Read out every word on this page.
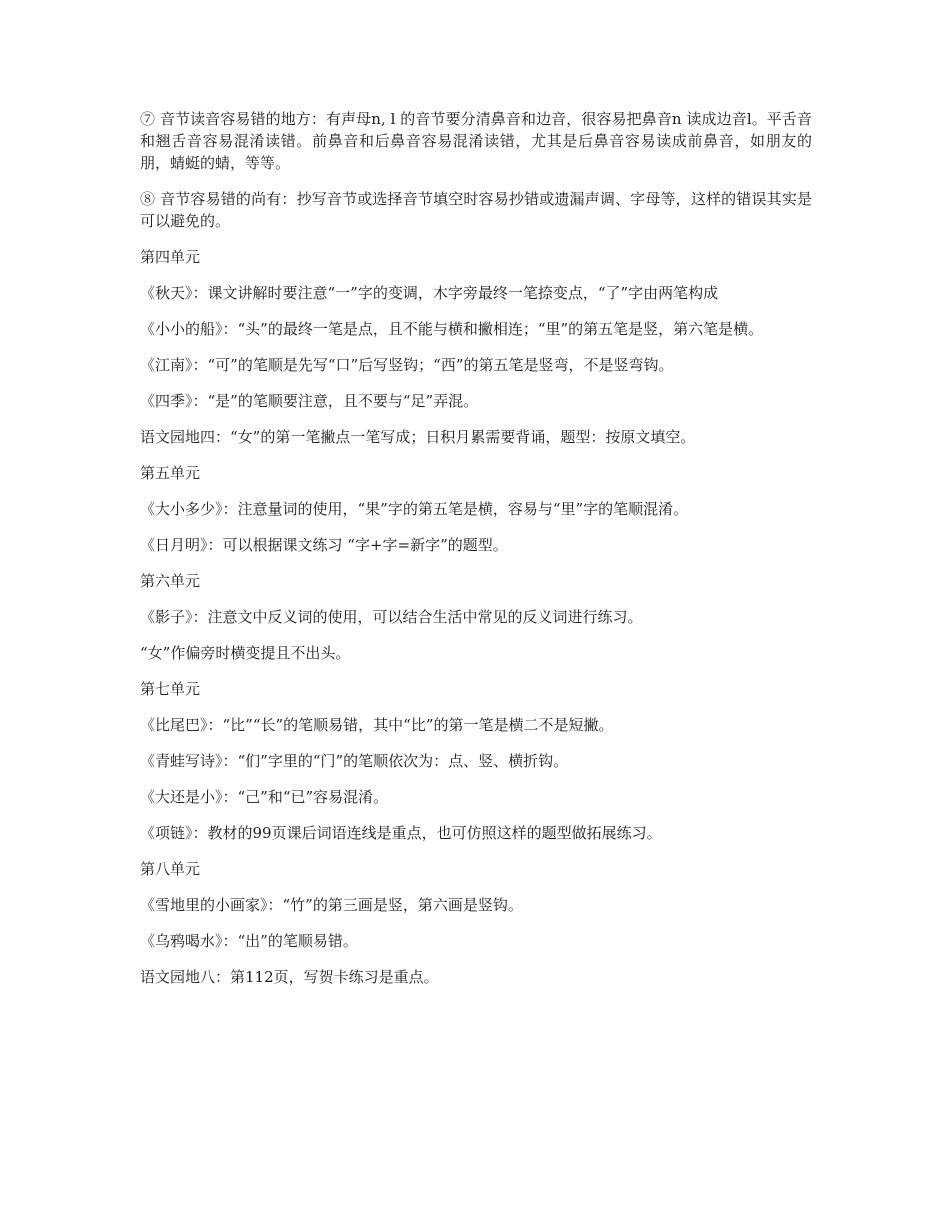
⑦ 音节读音容易错的地方：有声母n, l 的音节要分清鼻音和边音，很容易把鼻音n 读成边音l。平舌音和翘舌音容易混淆读错。前鼻音和后鼻音容易混淆读错，尤其是后鼻音容易读成前鼻音，如朋友的朋，蜻蜓的蜻，等等。

⑧ 音节容易错的尚有：抄写音节或选择音节填空时容易抄错或遗漏声调、字母等，这样的错误其实是可以避免的。

第四单元

《秋天》：课文讲解时要注意“一”字的变调，木字旁最终一笔捺变点，“了”字由两笔构成

《小小的船》：“头”的最终一笔是点，且不能与横和撇相连；“里”的第五笔是竖，第六笔是横。

《江南》：“可”的笔顺是先写“口”后写竖钩；“西”的第五笔是竖弯，不是竖弯钩。

《四季》：“是”的笔顺要注意，且不要与“足”弄混。

语文园地四：“女”的第一笔撇点一笔写成；日积月累需要背诵，题型：按原文填空。

第五单元

《大小多少》：注意量词的使用，“果”字的第五笔是横，容易与“里”字的笔顺混淆。

《日月明》：可以根据课文练习 “字+字=新字”的题型。

第六单元

《影子》：注意文中反义词的使用，可以结合生活中常见的反义词进行练习。

“女”作偏旁时横变提且不出头。

第七单元

《比尾巴》：“比”“长”的笔顺易错，其中“比”的第一笔是横二不是短撇。

《青蛙写诗》：“们”字里的“门”的笔顺依次为：点、竖、横折钩。

《大还是小》：“己”和“已”容易混淆。

《项链》：教材的99页课后词语连线是重点，也可仿照这样的题型做拓展练习。

第八单元

《雪地里的小画家》：“竹”的第三画是竖，第六画是竖钩。

《乌鸦喝水》：“出”的笔顺易错。

语文园地八：第112页，写贺卡练习是重点。
